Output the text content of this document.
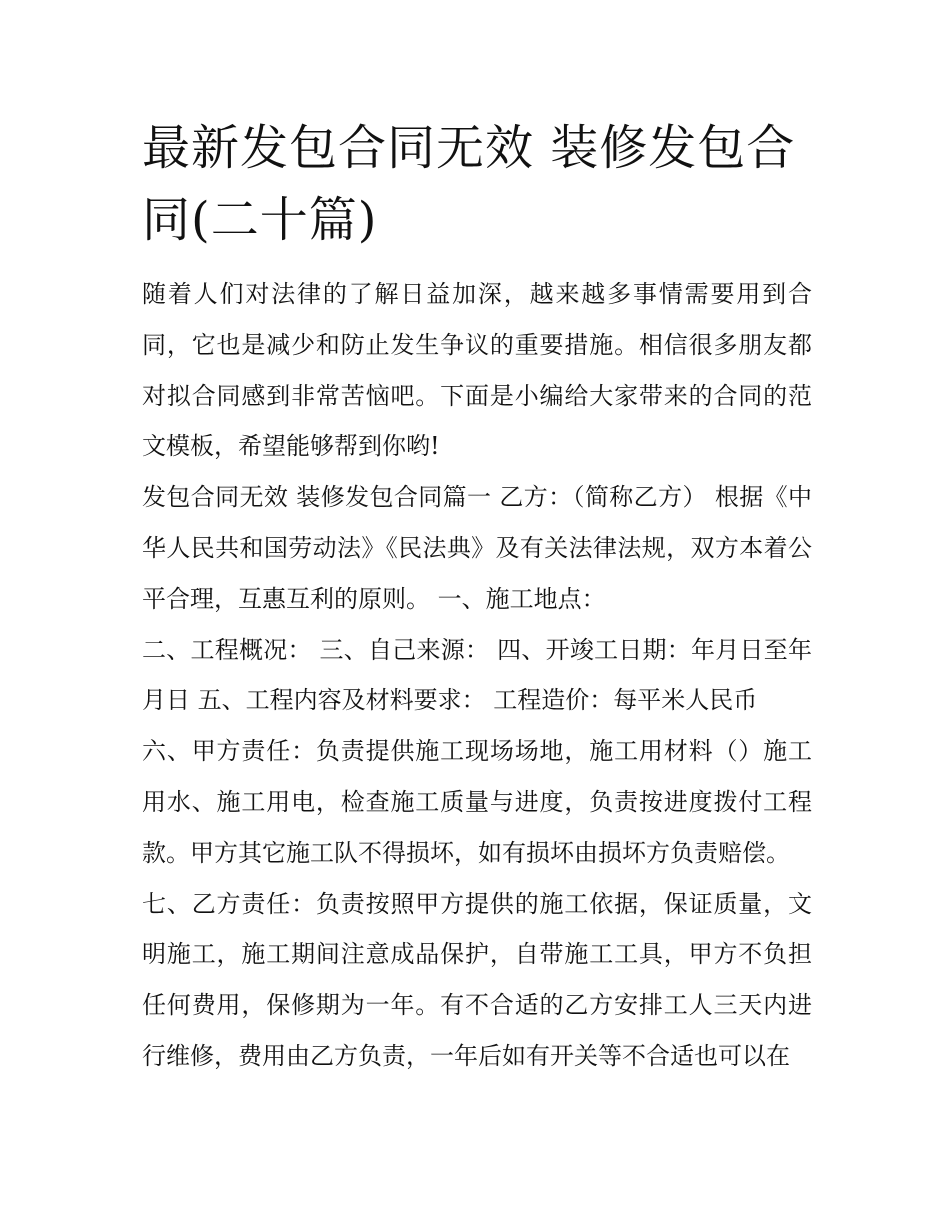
最新发包合同无效 装修发包合同(二十篇)

随着人们对法律的了解日益加深，越来越多事情需要用到合同，它也是减少和防止发生争议的重要措施。相信很多朋友都对拟合同感到非常苦恼吧。下面是小编给大家带来的合同的范文模板，希望能够帮到你哟!

发包合同无效 装修发包合同篇一 乙方：（简称乙方） 根据《中华人民共和国劳动法》《民法典》及有关法律法规，双方本着公平合理，互惠互利的原则。 一、施工地点：

二、工程概况： 三、自己来源： 四、开竣工日期：年月日至年月日 五、工程内容及材料要求： 工程造价：每平米人民币

六、甲方责任：负责提供施工现场场地，施工用材料（）施工用水、施工用电，检查施工质量与进度，负责按进度拨付工程款。甲方其它施工队不得损坏，如有损坏由损坏方负责赔偿。

七、乙方责任：负责按照甲方提供的施工依据，保证质量，文明施工，施工期间注意成品保护，自带施工工具，甲方不负担任何费用，保修期为一年。有不合适的乙方安排工人三天内进行维修，费用由乙方负责，一年后如有开关等不合适也可以在
